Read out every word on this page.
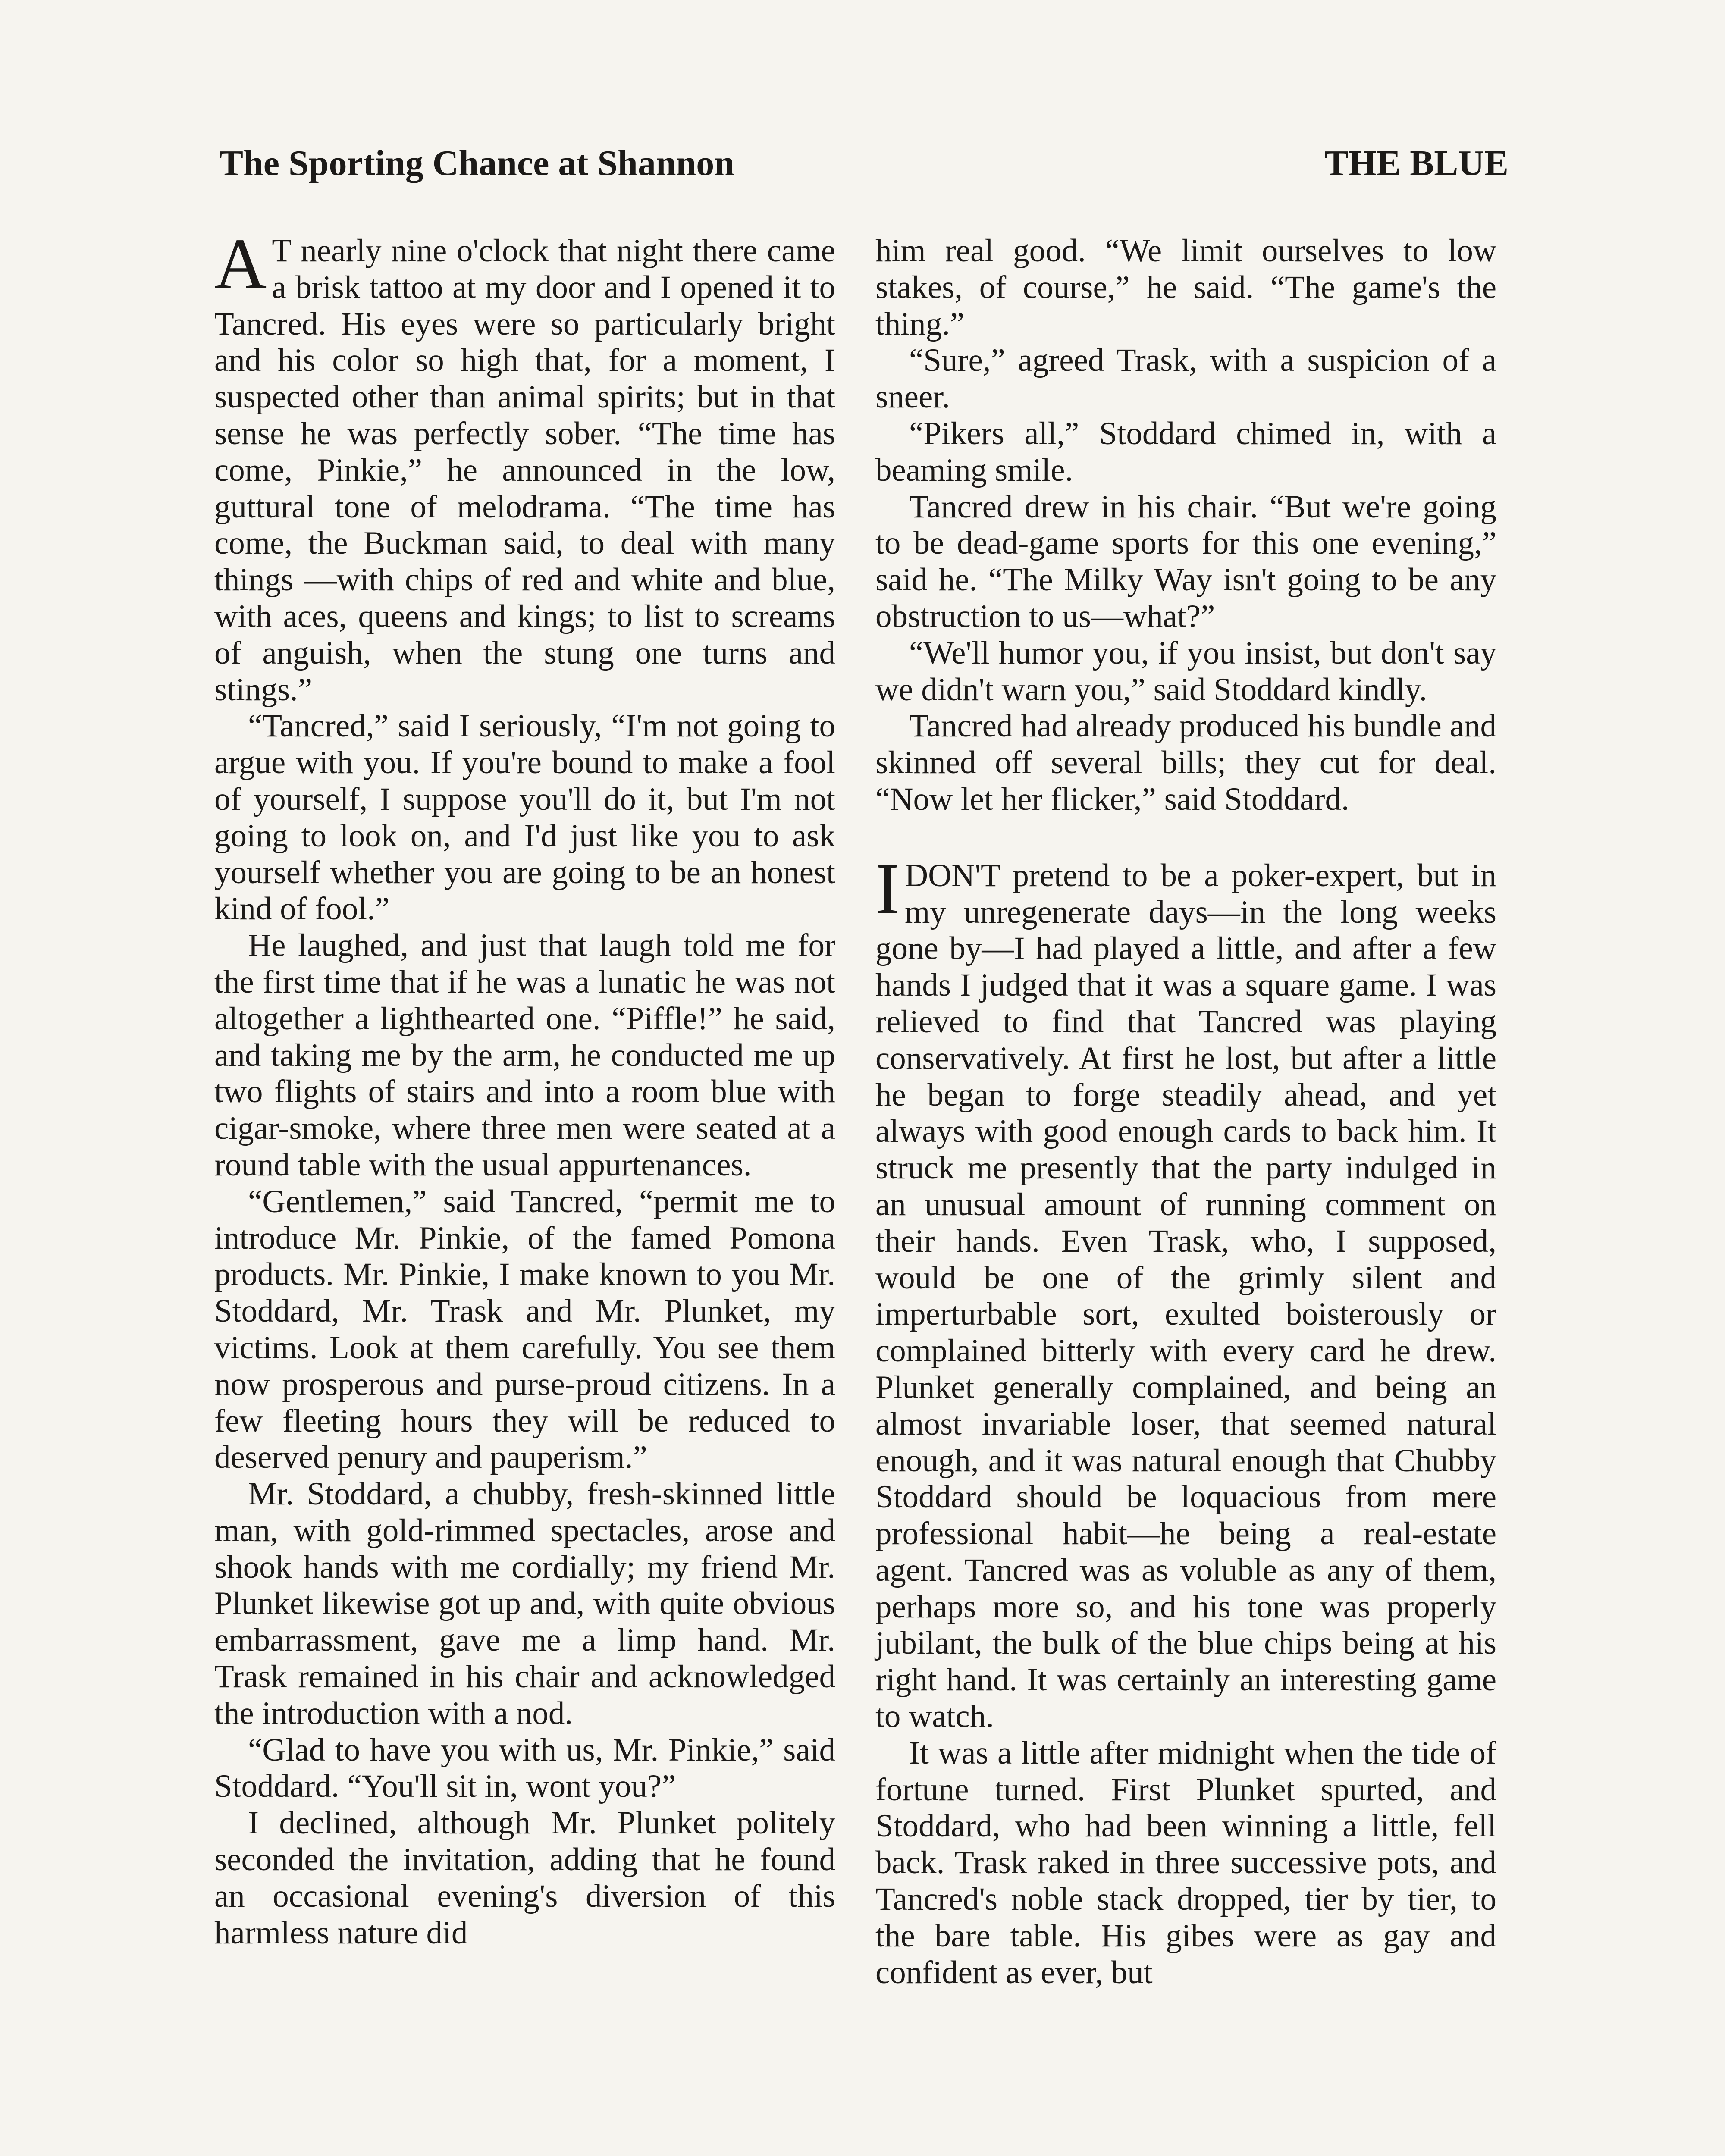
The Sporting Chance at Shannon	THE BLUE

A T nearly nine o'clock that night there came a brisk tattoo at my door and I opened it to Tancred. His eyes were so particularly bright and his color so high that, for a moment, I suspected other than animal spirits; but in that sense he was perfectly sober. “The time has come, Pinkie,” he announced in the low, guttural tone of melodrama. “The time has come, the Buckman said, to deal with many things —with chips of red and white and blue, with aces, queens and kings; to list to screams of anguish, when the stung one turns and stings.”

“Tancred,” said I seriously, “I'm not going to argue with you. If you're bound to make a fool of yourself, I suppose you'll do it, but I'm not going to look on, and I'd just like you to ask yourself whether you are going to be an honest kind of fool.”

He laughed, and just that laugh told me for the first time that if he was a lunatic he was not altogether a lighthearted one. “Piffle!” he said, and taking me by the arm, he conducted me up two flights of stairs and into a room blue with cigar-smoke, where three men were seated at a round table with the usual appurtenances.

“Gentlemen,” said Tancred, “permit me to introduce Mr. Pinkie, of the famed Pomona products. Mr. Pinkie, I make known to you Mr. Stoddard, Mr. Trask and Mr. Plunket, my victims. Look at them carefully. You see them now prosperous and purse-proud citizens. In a few fleeting hours they will be reduced to deserved penury and pauperism.”

Mr. Stoddard, a chubby, fresh-skinned little man, with gold-rimmed spectacles, arose and shook hands with me cordially; my friend Mr. Plunket likewise got up and, with quite obvious embarrassment, gave me a limp hand. Mr. Trask remained in his chair and acknowledged the introduction with a nod.

“Glad to have you with us, Mr. Pinkie,” said Stoddard. “You'll sit in, wont you?”

I declined, although Mr. Plunket politely seconded the invitation, adding that he found an occasional evening's diversion of this harmless nature did

him real good. “We limit ourselves to low stakes, of course,” he said. “The game's the thing.”

“Sure,” agreed Trask, with a suspicion of a sneer.

“Pikers all,” Stoddard chimed in, with a beaming smile.

Tancred drew in his chair. “But we're going to be dead-game sports for this one evening,” said he. “The Milky Way isn't going to be any obstruction to us—what?”

“We'll humor you, if you insist, but don't say we didn't warn you,” said Stoddard kindly.

Tancred had already produced his bundle and skinned off several bills; they cut for deal. “Now let her flicker,” said Stoddard.

IDON'T pretend to be a poker-expert, but in my unregenerate days—in the long weeks gone by—I had played a little, and after a few hands I judged that it was a square game. I was relieved to find that Tancred was playing conservatively. At first he lost, but after a little he began to forge steadily ahead, and yet always with good enough cards to back him. It struck me presently that the party indulged in an unusual amount of running comment on their hands. Even Trask, who, I supposed, would be one of the grimly silent and imperturbable sort, exulted boisterously or complained bitterly with every card he drew. Plunket generally complained, and being an almost invariable loser, that seemed natural enough, and it was natural enough that Chubby Stoddard should be loquacious from mere professional habit—he being a real-estate agent. Tancred was as voluble as any of them, perhaps more so, and his tone was properly jubilant, the bulk of the blue chips being at his right hand. It was certainly an interesting game to watch.

It was a little after midnight when the tide of fortune turned. First Plunket spurted, and Stoddard, who had been winning a little, fell back. Trask raked in three successive pots, and Tancred's noble stack dropped, tier by tier, to the bare table. His gibes were as gay and confident as ever, but
